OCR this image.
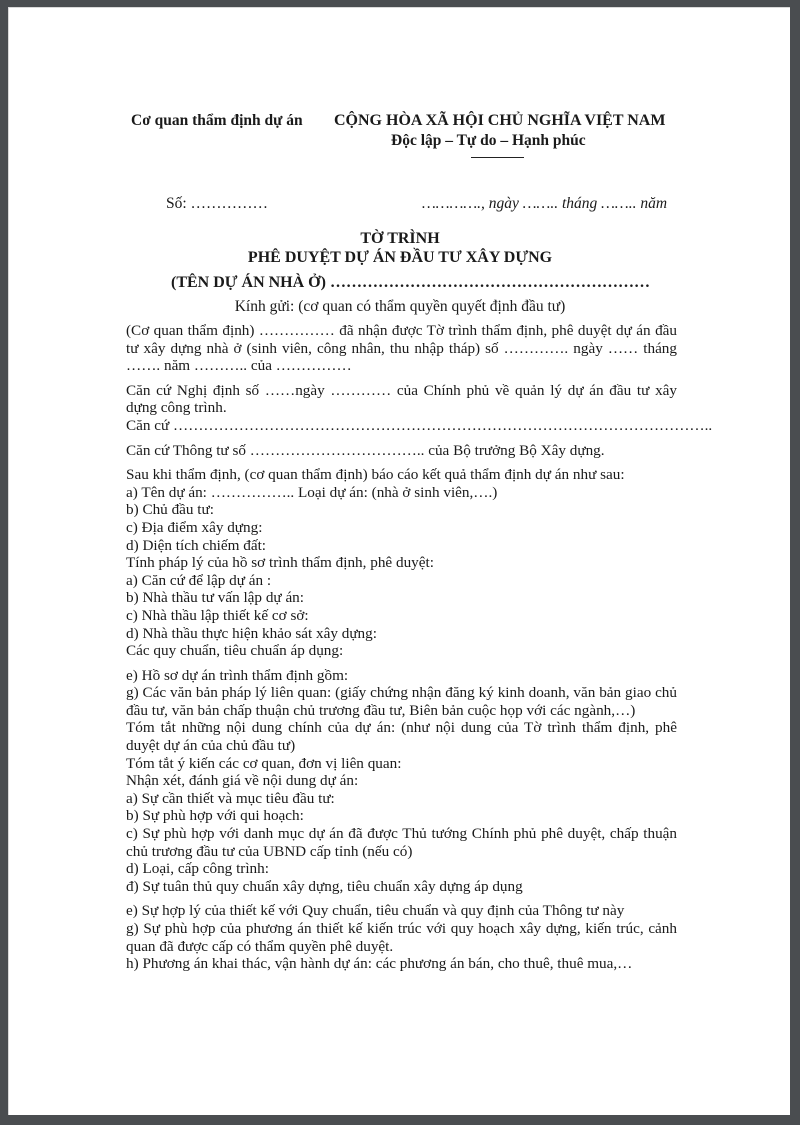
Cơ quan thẩm định dự án CỘNG HÒA XÃ HỘI CHỦ NGHĨA VIỆT NAM
Độc lập – Tự do – Hạnh phúc
Số: ……………	…………., ngày …….. tháng …….. năm
TỜ TRÌNH
PHÊ DUYỆT DỰ ÁN ĐẦU TƯ XÂY DỰNG
(TÊN DỰ ÁN NHÀ Ở) ……………………………………………………
Kính gửi: (cơ quan có thẩm quyền quyết định đầu tư)

(Cơ quan thẩm định) …………… đã nhận được Tờ trình thẩm định, phê duyệt dự án đầu tư xây dựng nhà ở (sinh viên, công nhân, thu nhập tháp) số …………. ngày …… tháng ……. năm ……….. của ……………

Căn cứ Nghị định số ……ngày ………… của Chính phủ về quản lý dự án đầu tư xây dựng công trình.

Căn cứ ……………………………………………………………………………………………..

Căn cứ Thông tư số …………………………….. của Bộ trưởng Bộ Xây dựng.

Sau khi thẩm định, (cơ quan thẩm định) báo cáo kết quả thẩm định dự án như sau:

a) Tên dự án: …………….. Loại dự án: (nhà ở sinh viên,….)

b) Chủ đầu tư:

c) Địa điểm xây dựng:

d) Diện tích chiếm đất:

Tính pháp lý của hồ sơ trình thẩm định, phê duyệt:

a) Căn cứ để lập dự án :

b) Nhà thầu tư vấn lập dự án:

c) Nhà thầu lập thiết kế cơ sở:

d) Nhà thầu thực hiện khảo sát xây dựng:

Các quy chuẩn, tiêu chuẩn áp dụng:

e) Hồ sơ dự án trình thẩm định gồm:

g) Các văn bản pháp lý liên quan: (giấy chứng nhận đăng ký kinh doanh, văn bản giao chủ đầu tư, văn bản chấp thuận chủ trương đầu tư, Biên bản cuộc họp với các ngành,…)

Tóm tắt những nội dung chính của dự án: (như nội dung của Tờ trình thẩm định, phê duyệt dự án của chủ đầu tư)

Tóm tắt ý kiến các cơ quan, đơn vị liên quan:

Nhận xét, đánh giá về nội dung dự án:

a) Sự cần thiết và mục tiêu đầu tư:

b) Sự phù hợp với qui hoạch:

c) Sự phù hợp với danh mục dự án đã được Thủ tướng Chính phủ phê duyệt, chấp thuận chủ trương đầu tư của UBND cấp tỉnh (nếu có)

d) Loại, cấp công trình:

đ) Sự tuân thủ quy chuẩn xây dựng, tiêu chuẩn xây dựng áp dụng

e) Sự hợp lý của thiết kế với Quy chuẩn, tiêu chuẩn và quy định của Thông tư này

g) Sự phù hợp của phương án thiết kế kiến trúc với quy hoạch xây dựng, kiến trúc, cảnh quan đã được cấp có thẩm quyền phê duyệt.

h) Phương án khai thác, vận hành dự án: các phương án bán, cho thuê, thuê mua,…
